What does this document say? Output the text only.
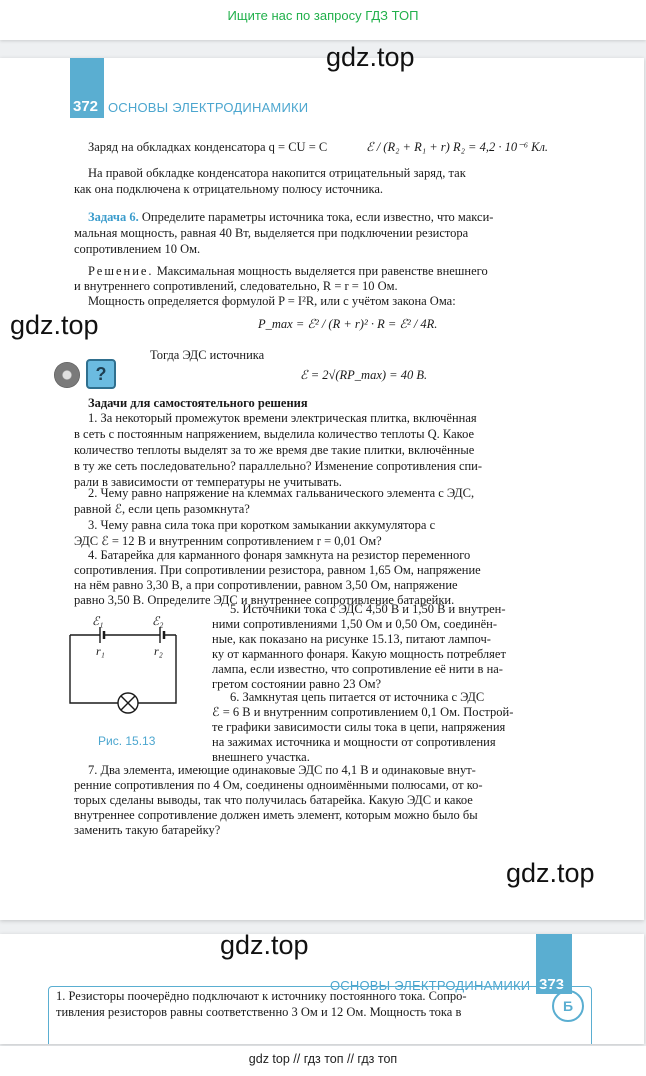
Ищите нас по запросу ГДЗ ТОП
372 ОСНОВЫ ЭЛЕКТРОДИНАМИКИ
Заряд на обкладках конденсатора q = CU = C	ℰ / (R₂ + R₁ + r) R₂ = 4,2 · 10⁻⁶ Кл.
На правой обкладке конденсатора накопится отрицательный заряд, так
как она подключена к отрицательному полюсу источника.
Задача 6. Определите параметры источника тока, если известно, что макси-
мальная мощность, равная 40 Вт, выделяется при подключении резистора
сопротивлением 10 Ом.
Решение. Максимальная мощность выделяется при равенстве внешнего
и внутреннего сопротивлений, следовательно, R = r = 10 Ом.
Мощность определяется формулой P = I²R, или с учётом закона Ома:
P_max = ℰ² / (R + r)² · R = ℰ² / 4R.
Тогда ЭДС источника
ℰ = 2√(RP_max) = 40 В.
Задачи для самостоятельного решения
1. За некоторый промежуток времени электрическая плитка, включённая
в сеть с постоянным напряжением, выделила количество теплоты Q. Какое
количество теплоты выделят за то же время две такие плитки, включённые
в ту же сеть последовательно? параллельно? Изменение сопротивления спи-
рали в зависимости от температуры не учитывать.
2. Чему равно напряжение на клеммах гальванического элемента с ЭДС,
равной ℰ, если цепь разомкнута?
3. Чему равна сила тока при коротком замыкании аккумулятора с
ЭДС ℰ = 12 В и внутренним сопротивлением r = 0,01 Ом?
4. Батарейка для карманного фонаря замкнута на резистор переменного
сопротивления. При сопротивлении резистора, равном 1,65 Ом, напряжение
на нём равно 3,30 В, а при сопротивлении, равном 3,50 Ом, напряжение
равно 3,50 В. Определите ЭДС и внутреннее сопротивление батарейки.
ℰ₁
r₁
ℰ₂
r₂
Рис. 15.13
5. Источники тока с ЭДС 4,50 В и 1,50 В и внутрен-
ними сопротивлениями 1,50 Ом и 0,50 Ом, соединён-
ные, как показано на рисунке 15.13, питают лампоч-
ку от карманного фонаря. Какую мощность потребляет
лампа, если известно, что сопротивление её нити в на-
гретом состоянии равно 23 Ом?
6. Замкнутая цепь питается от источника с ЭДС
ℰ = 6 В и внутренним сопротивлением 0,1 Ом. Построй-
те графики зависимости силы тока в цепи, напряжения
на зажимах источника и мощности от сопротивления
внешнего участка.
7. Два элемента, имеющие одинаковые ЭДС по 4,1 В и одинаковые внут-
ренние сопротивления по 4 Ом, соединены одноимёнными полюсами, от ко-
торых сделаны выводы, так что получилась батарейка. Какую ЭДС и какое
внутреннее сопротивление должен иметь элемент, которым можно было бы
заменить такую батарейку?
?
373
ОСНОВЫ ЭЛЕКТРОДИНАМИКИ
1. Резисторы поочерёдно подключают к источнику постоянного тока. Сопро-
тивления резисторов равны соответственно 3 Ом и 12 Ом. Мощность тока в	Б
gdz.top
gdz.top
gdz.top
gdz.top
gdz top // гдз топ // гдз топ
